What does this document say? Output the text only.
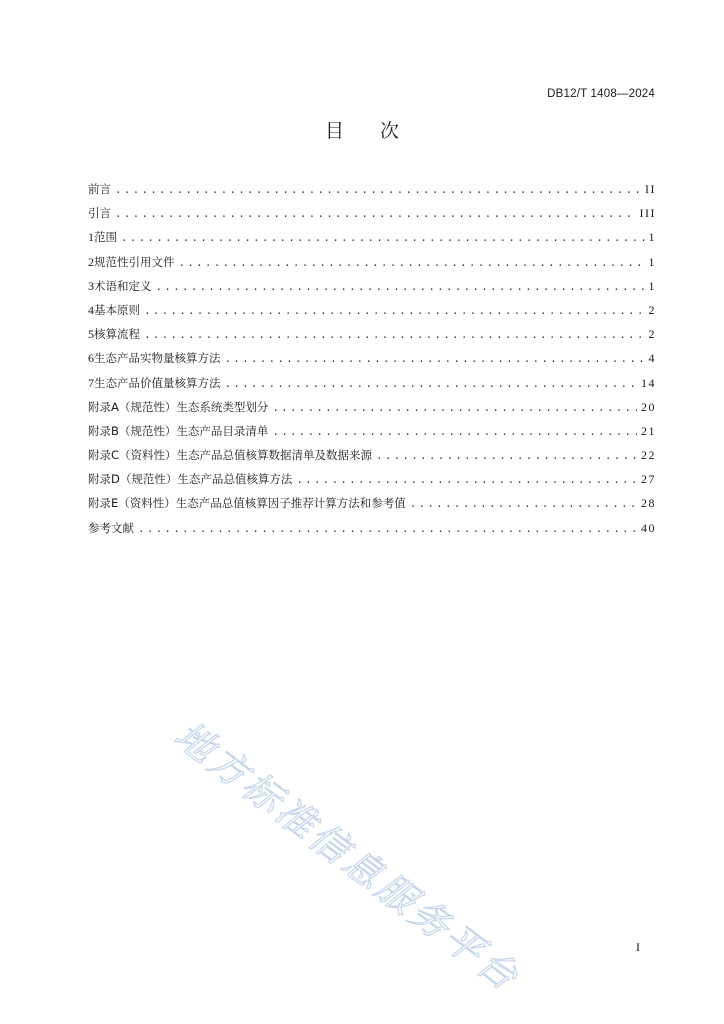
DB12/T 1408—2024
目次
前言 .....	II
引言 .....	III
1 范围 .....	1
2 规范性引用文件 .....	1
3 术语和定义 .....	1
4 基本原则 .....	2
5 核算流程 .....	2
6 生态产品实物量核算方法 .....	4
7 生态产品价值量核算方法 .....	14
附录A（规范性） 生态系统类型划分 .....	20
附录B（规范性） 生态产品目录清单 .....	21
附录C（资料性） 生态产品总值核算数据清单及数据来源 .....	22
附录D（规范性） 生态产品总值核算方法 .....	27
附录E（资料性） 生态产品总值核算因子推荐计算方法和参考值 .....	28
参考文献 .....	40
地方标准信息服务平台	I
